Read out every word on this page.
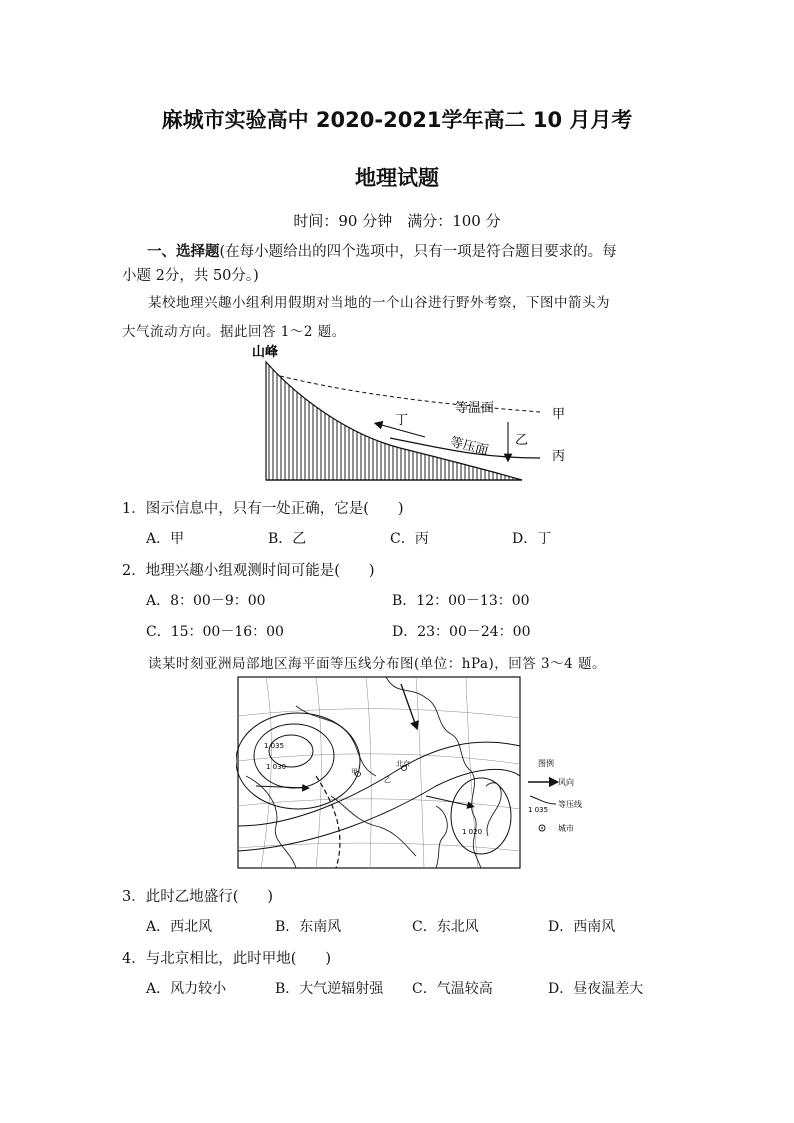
麻城市实验高中 2020-2021学年高二 10 月月考
地理试题
时间：90 分钟　满分：100 分
一、选择题(在每小题给出的四个选项中，只有一项是符合题目要求的。每
小题 2分，共 50分。)
某校地理兴趣小组利用假期对当地的一个山谷进行野外考察，下图中箭头为
大气流动方向。据此回答 1～2 题。
山峰
等温面
等压面
甲
乙
丙
丁
1．图示信息中，只有一处正确，它是(　　)
A．甲	B．乙	C．丙	D．丁
2．地理兴趣小组观测时间可能是(　　)
A．8：00－9：00	B．12：00－13：00
C．15：00－16：00	D．23：00－24：00
读某时刻亚洲局部地区海平面等压线分布图(单位：hPa)，回答 3～4 题。
1 035
1 030	北京
1 020
甲
乙
图例
风向
1 035
等压线
城市
3．此时乙地盛行(　　)
A．西北风	B．东南风	C．东北风	D．西南风
4．与北京相比，此时甲地(　　)
A．风力较小	B．大气逆辐射强 C．气温较高	D．昼夜温差大
